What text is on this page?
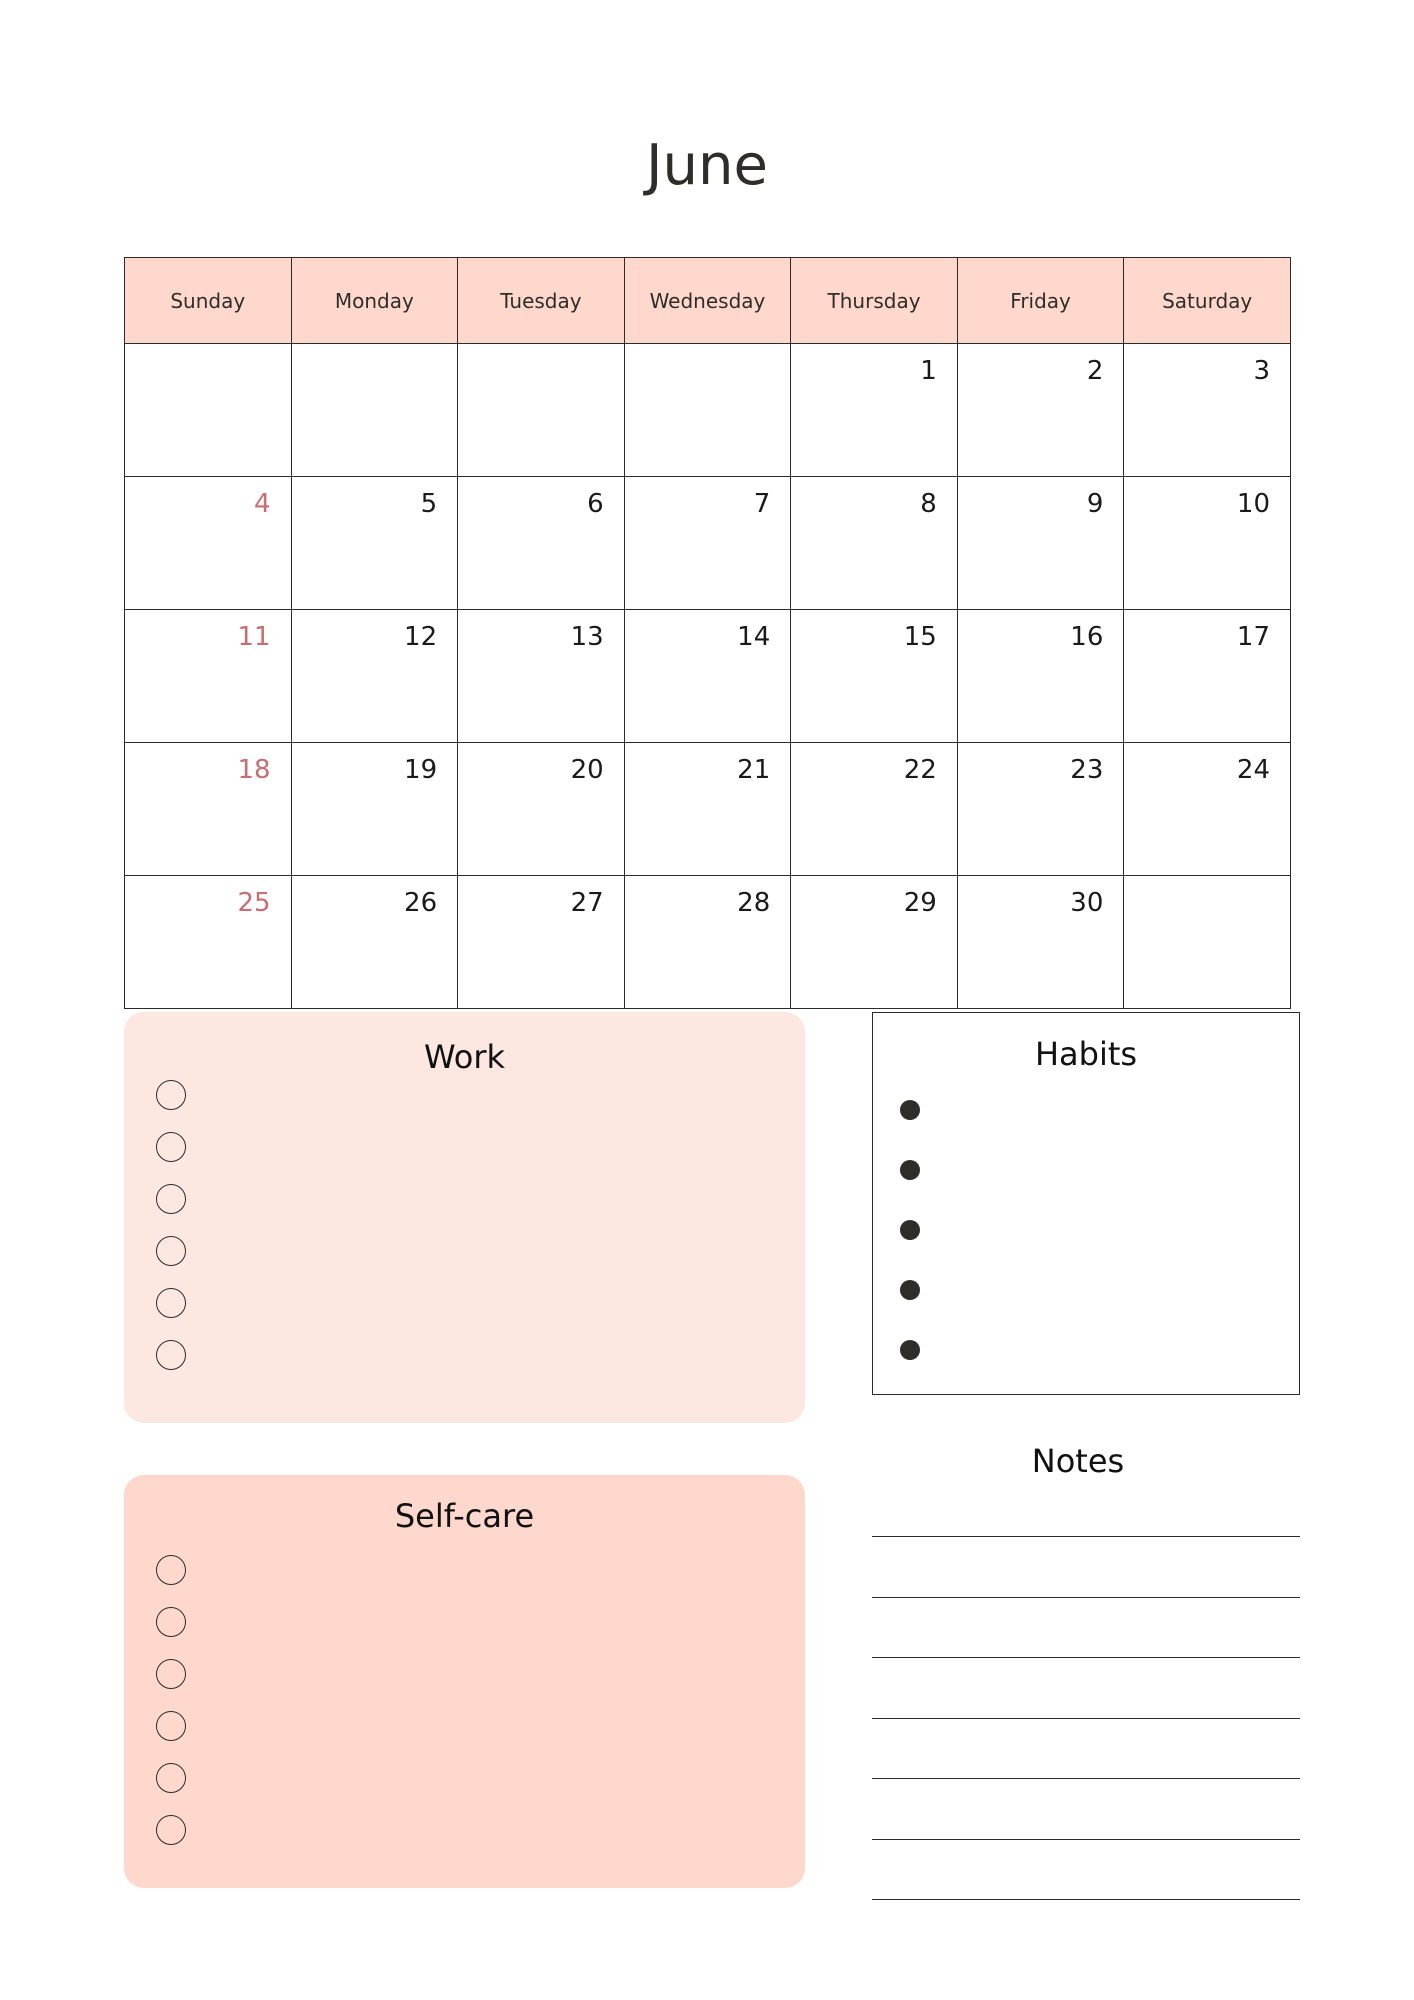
June
Sunday	Monday	Tuesday	Wednesday	Thursday	Friday	Saturday
				1	2	3
4	5	6	7	8	9	10
11	12	13	14	15	16	17
18	19	20	21	22	23	24
25	26	27	28	29	30	
Work
Self-care
Habits
Notes
